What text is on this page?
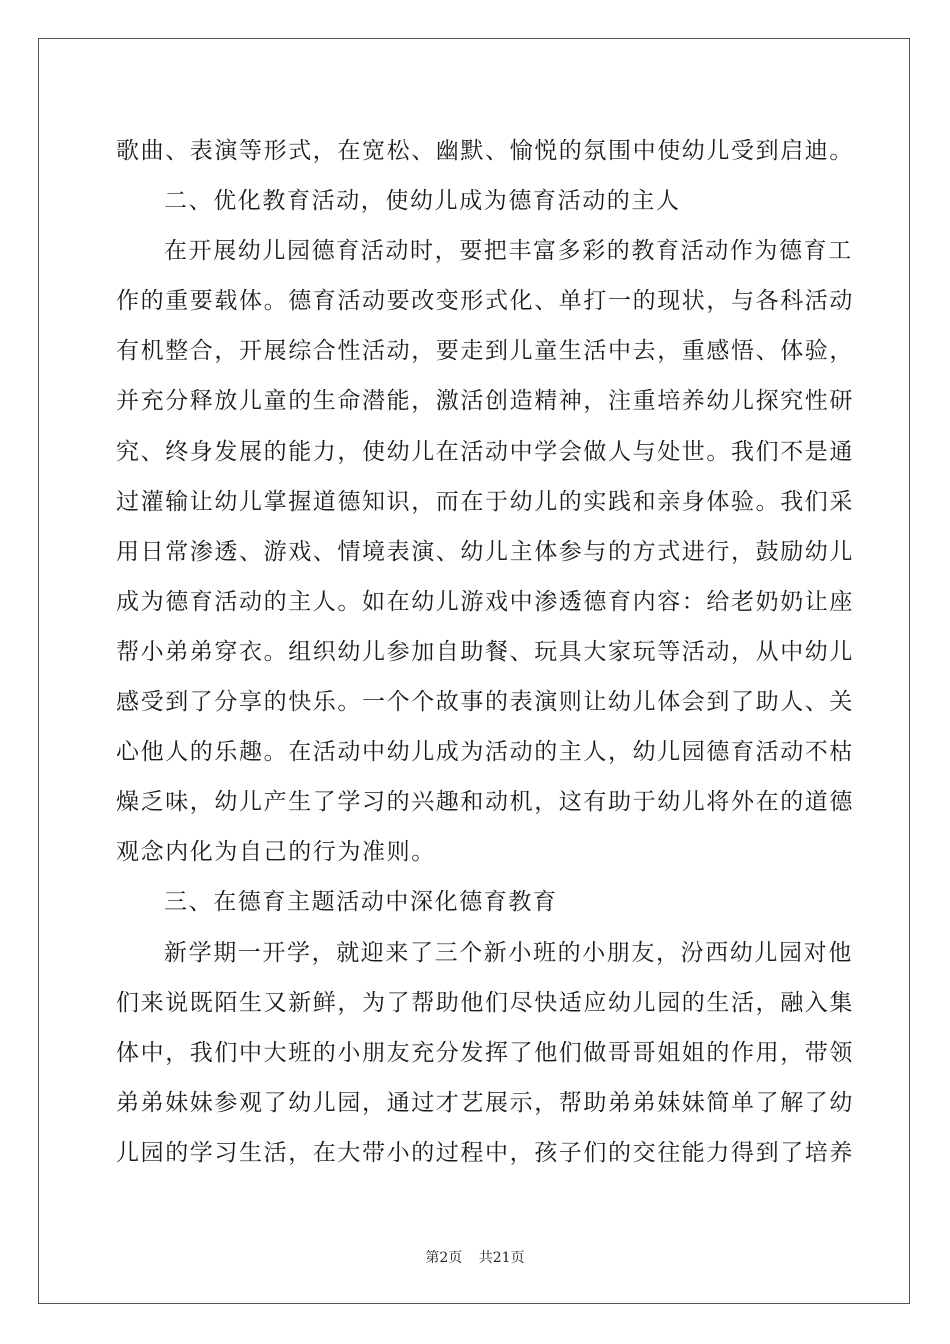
歌曲、表演等形式，在宽松、幽默、愉悦的氛围中使幼儿受到启迪。
二、优化教育活动，使幼儿成为德育活动的主人
在开展幼儿园德育活动时，要把丰富多彩的教育活动作为德育工
作的重要载体。德育活动要改变形式化、单打一的现状，与各科活动
有机整合，开展综合性活动，要走到儿童生活中去，重感悟、体验，
并充分释放儿童的生命潜能，激活创造精神，注重培养幼儿探究性研
究、终身发展的能力，使幼儿在活动中学会做人与处世。我们不是通
过灌输让幼儿掌握道德知识，而在于幼儿的实践和亲身体验。我们采
用日常渗透、游戏、情境表演、幼儿主体参与的方式进行，鼓励幼儿
成为德育活动的主人。如在幼儿游戏中渗透德育内容：给老奶奶让座
帮小弟弟穿衣。组织幼儿参加自助餐、玩具大家玩等活动，从中幼儿
感受到了分享的快乐。一个个故事的表演则让幼儿体会到了助人、关
心他人的乐趣。在活动中幼儿成为活动的主人，幼儿园德育活动不枯
燥乏味，幼儿产生了学习的兴趣和动机，这有助于幼儿将外在的道德
观念内化为自己的行为准则。
三、在德育主题活动中深化德育教育
新学期一开学，就迎来了三个新小班的小朋友，汾西幼儿园对他
们来说既陌生又新鲜，为了帮助他们尽快适应幼儿园的生活，融入集
体中，我们中大班的小朋友充分发挥了他们做哥哥姐姐的作用，带领
弟弟妹妹参观了幼儿园，通过才艺展示，帮助弟弟妹妹简单了解了幼
儿园的学习生活，在大带小的过程中，孩子们的交往能力得到了培养
第2页 共21页
